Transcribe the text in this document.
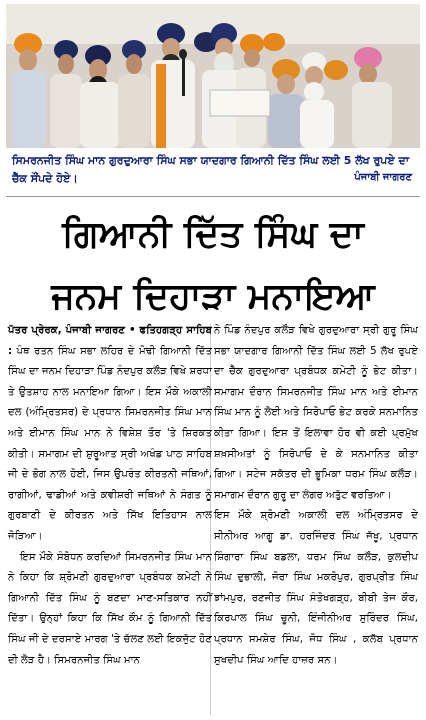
ਸਿਮਰਨਜੀਤ ਸਿੰਘ ਮਾਨ ਗੁਰਦੁਆਰਾ ਸਿੰਘ ਸਭਾ ਯਾਦਗਾਰ ਗਿਆਨੀ ਦਿੱਤ ਸਿੰਘ ਲਈ 5 ਲੱਖ ਰੁਪਏ ਦਾ ਚੈੱਕ ਸੌਂਪਦੇ ਹੋਏ।	ਪੰਜਾਬੀ ਜਾਗਰਣ
ਗਿਆਨੀ ਦਿੱਤ ਸਿੰਘ ਦਾ
ਜਨਮ ਦਿਹਾੜਾ ਮਨਾਇਆ
ਪੱਤਰ ਪ੍ਰੇਰਕ, ਪੰਜਾਬੀ ਜਾਗਰਣ • ਫਤਿਹਗੜ੍ਹ ਸਾਹਿਬ : ਪੰਥ ਰਤਨ ਸਿੰਘ ਸਭਾ ਲਹਿਰ ਦੇ ਮੋਢੀ ਗਿਆਨੀ ਦਿੱਤ ਸਿੰਘ ਦਾ ਜਨਮ ਦਿਹਾੜਾ ਪਿੰਡ ਨੰਦਪੁਰ ਕਲੌੜ ਵਿਖੇ ਸ਼ਰਧਾ ਤੇ ਉਤਸ਼ਾਹ ਨਾਲ ਮਨਾਇਆ ਗਿਆ। ਇਸ ਮੌਕੇ ਅਕਾਲੀ ਦਲ (ਅੰਮ੍ਰਿਤਸਰ) ਦੇ ਪ੍ਰਧਾਨ ਸਿਮਰਨਜੀਤ ਸਿੰਘ ਮਾਨ ਅਤੇ ਈਮਾਨ ਸਿੰਘ ਮਾਨ ਨੇ ਵਿਸ਼ੇਸ਼ ਤੌਰ 'ਤੇ ਸ਼ਿਰਕਤ ਕੀਤੀ। ਸਮਾਗਮ ਦੀ ਸ਼ੁਰੂਆਤ ਸ੍ਰੀ ਅਖੰਡ ਪਾਠ ਸਾਹਿਬ ਜੀ ਦੇ ਭੋਗ ਨਾਲ ਹੋਈ, ਜਿਸ ਉਪਰੰਤ ਕੀਰਤਨੀ ਜਥਿਆਂ, ਰਾਗੀਆਂ, ਢਾਡੀਆਂ ਅਤੇ ਕਵੀਸ਼ਰੀ ਜਥਿਆਂ ਨੇ ਸੰਗਤ ਨੂੰ ਗੁਰਬਾਣੀ ਦੇ ਕੀਰਤਨ ਅਤੇ ਸਿੱਖ ਇਤਿਹਾਸ ਨਾਲ ਜੋੜਿਆ।
ਇਸ ਮੌਕੇ ਸੰਬੋਧਨ ਕਰਦਿਆਂ ਸਿਮਰਨਜੀਤ ਸਿੰਘ ਮਾਨ ਨੇ ਕਿਹਾ ਕਿ ਸ਼੍ਰੋਮਣੀ ਗੁਰਦੁਆਰਾ ਪ੍ਰਬੰਧਕ ਕਮੇਟੀ ਨੇ ਗਿਆਨੀ ਦਿੱਤ ਸਿੰਘ ਨੂੰ ਬਣਦਾ ਮਾਣ-ਸਤਿਕਾਰ ਨਹੀਂ ਦਿੱਤਾ। ਉਨ੍ਹਾਂ ਕਿਹਾ ਕਿ ਸਿੱਖ ਕੌਮ ਨੂੰ ਗਿਆਨੀ ਦਿੱਤ ਸਿੰਘ ਜੀ ਦੇ ਦਰਸਾਏ ਮਾਰਗ 'ਤੇ ਚੱਲਣ ਲਈ ਇਕਜੁੱਟ ਹੋਣ ਦੀ ਲੋੜ ਹੈ। ਸਿਮਰਨਜੀਤ ਸਿੰਘ ਮਾਨ
ਨੇ ਪਿੰਡ ਨੰਦਪੁਰ ਕਲੌੜ ਵਿਖੇ ਗੁਰਦੁਆਰਾ ਸ੍ਰੀ ਗੁਰੂ ਸਿੰਘ ਸਭਾ ਯਾਦਗਾਰ ਗਿਆਨੀ ਦਿੱਤ ਸਿੰਘ ਲਈ 5 ਲੱਖ ਰੁਪਏ ਦਾ ਚੈੱਕ ਗੁਰਦੁਆਰਾ ਪ੍ਰਬੰਧਕ ਕਮੇਟੀ ਨੂੰ ਭੇਟ ਕੀਤਾ। ਸਮਾਗਮ ਦੌਰਾਨ ਸਿਮਰਨਜੀਤ ਸਿੰਘ ਮਾਨ ਅਤੇ ਈਮਾਨ ਸਿੰਘ ਮਾਨ ਨੂੰ ਲੋਈ ਅਤੇ ਸਿਰੋਪਾਓ ਭੇਟ ਕਰਕੇ ਸਨਮਾਨਿਤ ਕੀਤਾ ਗਿਆ। ਇਸ ਤੋਂ ਇਲਾਵਾ ਹੋਰ ਵੀ ਕਈ ਪ੍ਰਮੁੱਖ ਸ਼ਖ਼ਸੀਅਤਾਂ ਨੂੰ ਸਿਰੋਪਾਓ ਦੇ ਕੇ ਸਨਮਾਨਿਤ ਕੀਤਾ ਗਿਆ। ਸਟੇਜ ਸਕੱਤਰ ਦੀ ਭੂਮਿਕਾ ਧਰਮ ਸਿੰਘ ਕਲੌੜ। ਸਮਾਗਮ ਦੌਰਾਨ ਗੁਰੂ ਦਾ ਲੰਗਰ ਅਤੁੱਟ ਵਰਤਿਆ।
ਇਸ ਮੌਕੇ ਸ਼੍ਰੋਮਣੀ ਅਕਾਲੀ ਦਲ ਅੰਮ੍ਰਿਤਸਰ ਦੇ ਸੀਨੀਅਰ ਆਗੂ ਡਾ. ਹਰਜਿੰਦਰ ਸਿੰਘ ਜੱਖੂ, ਪ੍ਰਧਾਨ ਸ਼ਿੰਗਾਰਾ ਸਿੰਘ ਬਡਲਾ, ਧਰਮ ਸਿੰਘ ਕਲੌੜ, ਕੁਲਦੀਪ ਸਿੰਘ ਦੁਭਾਲੀ, ਜੋਰਾ ਸਿੰਘ ਮਕਰੋਪੁਰ, ਗੁਰਪ੍ਰੀਤ ਸਿੰਘ ਝਾਂਮਪੁਰ, ਰਣਜੀਤ ਸਿੰਘ ਸੰਤੋਖਗੜ੍ਹ, ਬੀਬੀ ਤੇਜ ਕੌਰ, ਕਿਰਪਾਲ ਸਿੰਘ ਚੂਨੀ, ਇੰਜੀਨੀਅਰ ਸੁਰਿੰਦਰ ਸਿੰਘ, ਪ੍ਰਧਾਨ ਸਮਸ਼ੇਰ ਸਿੰਘ, ਜੋਧ ਸਿੰਘ , ਕਲੱਬ ਪ੍ਰਧਾਨ ਸੁਖਦੀਪ ਸਿੰਘ ਆਦਿ ਹਾਜ਼ਰ ਸਨ।
